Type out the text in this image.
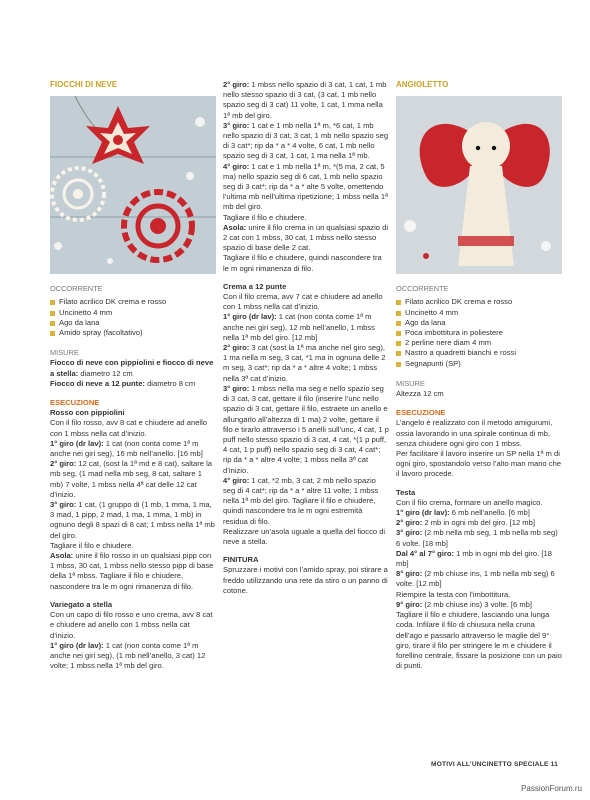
FIOCCHI DI NEVE
OCCORRENTE
Filato acrilico DK crema e rosso
Uncinetto 4 mm
Ago da lana
Amido spray (facoltativo)
MISURE

Fiocco di neve con pippiolini e fiocco di neve a stella: diametro 12 cm

Fiocco di neve a 12 punte: diametro 8 cm

ESECUZIONE

Rosso con pippiolini

Con il filo rosso, avv 8 cat e chiudere ad anello con 1 mbss nella cat d’inizio.

1° giro (dr lav): 1 cat (non conta come 1ª m anche nei giri seg), 16 mb nell’anello. [16 mb]

2° giro: 12 cat, (sost la 1ª md e 8 cat), saltare la mb seg, (1 mad nella mb seg, 8 cat, saltare 1 mb) 7 volte, 1 mbss nella 4ª cat delle 12 cat d’inizio.

3° giro: 1 cat, (1 gruppo di (1 mb, 1 mma, 1 ma, 3 mad, 1 pipp, 2 mad, 1 ma, 1 mma, 1 mb) in ognuno degli 8 spazi di 8 cat; 1 mbss nella 1ª mb del giro.

Tagliare il filo e chiudere.

Asola: unire il filo rosso in un qualsiasi pipp con 1 mbss, 30 cat, 1 mbss nello stesso pipp di base della 1ª mbss. Tagliare il filo e chiudere, nascondere tra le m ogni rimanenza di filo.

Variegato a stella

Con un capo di filo rosso e uno crema, avv 8 cat e chiudere ad anello con 1 mbss nella cat d’inizio.

1° giro (dr lav): 1 cat (non conta come 1ª m anche nei giri seg), (1 mb nell’anello, 3 cat) 12 volte; 1 mbss nella 1ª mb del giro.

2° giro: 1 mbss nello spazio di 3 cat, 1 cat, 1 mb nello stesso spazio di 3 cat, (3 cat, 1 mb nello spazio seg di 3 cat) 11 volte, 1 cat, 1 mma nella 1ª mb del giro.

3° giro: 1 cat e 1 mb nella 1ª m, *6 cat, 1 mb nello spazio di 3 cat, 3 cat, 1 mb nello spazio seg di 3 cat*; rip da * a * 4 volte, 6 cat, 1 mb nello spazio seg di 3 cat, 1 cat, 1 ma nella 1ª mb.

4° giro: 1 cat e 1 mb nella 1ª m, *(5 ma, 2 cat, 5 ma) nello spazio seg di 6 cat, 1 mb nello spazio seg di 3 cat*; rip da * a * alte 5 volte, omettendo l’ultima mb nell’ultima ripetizione; 1 mbss nella 1ª mb del giro.

Tagliare il filo e chiudere.

Asola: unire il filo crema in un qualsiasi spazio di 2 cat con 1 mbss, 30 cat, 1 mbss nello stesso spazio di base delle 2 cat.

Tagliare il filo e chiudere, quindi nascondere tra le m ogni rimanenza di filo.

Crema a 12 punte

Con il filo crema, avv 7 cat e chiudere ad anello con 1 mbss nella cat d’inizio.

1° giro (dr lav): 1 cat (non conta come 1ª m anche nei giri seg), 12 mb nell’anello, 1 mbss nella 1ª mb del giro. [12 mb]

2° giro: 3 cat (sost la 1ª ma anche nel giro seg), 1 ma nella m seg, 3 cat, *1 ma in ognuna delle 2 m seg, 3 cat*; rip da * a * altre 4 volte; 1 mbss nella 3ª cat d’inizio.

3° giro: 1 mbss nella ma seg e nello spazio seg di 3 cat, 3 cat, gettare il filo (inserire l’unc nello spazio di 3 cat, gettare il filo, estraete un anello e allungarlo all’altezza di 1 ma) 2 volte, gettare il filo e tirarlo attraverso i 5 anelli sull’unc, 4 cat, 1 p puff nello stesso spazio di 3 cat, 4 cat, *(1 p puff, 4 cat, 1 p puff) nello spazio seg di 3 cat, 4 cat*; rip da * a * altre 4 volte; 1 mbss nella 3ª cat d’inizio.

4° giro: 1 cat, *2 mb, 3 cat, 2 mb nello spazio seg di 4 cat*; rip da * a * altre 11 volte; 1 mbss nella 1ª mb del giro. Tagliare il filo e chiudere, quindi nascondere tra le m ogni estremità residua di filo.

Realizzare un’asola uguale a quella del fiocco di neve a stella.

FINITURA

Spruzzare i motivi con l’amido spray, poi stirare a freddo utilizzando una rete da stiro o un panno di cotone.

ANGIOLETTO
OCCORRENTE
Filato acrilico DK crema e rosso
Uncinetto 4 mm
Ago da lana
Poca imbottitura in poliestere
2 perline nere diam 4 mm
Nastro a quadretti bianchi e rossi
Segnapunti (SP)
MISURE

Altezza 12 cm

ESECUZIONE

L’angelo è realizzato con il metodo amigurumi, ossia lavorando in una spirale continua di mb, senza chiudere ogni giro con 1 mbss.

Per facilitare il lavoro inserire un SP nella 1ª m di ogni giro, spostandolo verso l’alto man mano che il lavoro procede.

Testa

Con il filo crema, formare un anello magico.

1° giro (dr lav): 6 mb nell’anello. [6 mb]

2° giro: 2 mb in ogni mb del giro. [12 mb]

3° giro: (2 mb nella mb seg, 1 mb nella mb seg) 6 volte. [18 mb]

Dal 4° al 7° giro: 1 mb in ogni mb del giro. [18 mb]

8° giro: (2 mb chiuse ins, 1 mb nella mb seg) 6 volte. [12 mb]

Riempire la testa con l’imbottitura.

9° giro: (2 mb chiuse ins) 3 volte. [6 mb]

Tagliare il filo e chiudere, lasciando una lunga coda. Infilare il filo di chiusura nella cruna dell’ago e passarlo attraverso le maglie del 9° giro, tirare il filo per stringere le m e chiudere il forellino centrale, fissare la posizione con un paio di punti.

MOTIVI ALL’UNCINETTO SPECIALE 11
PassionForum.ru
